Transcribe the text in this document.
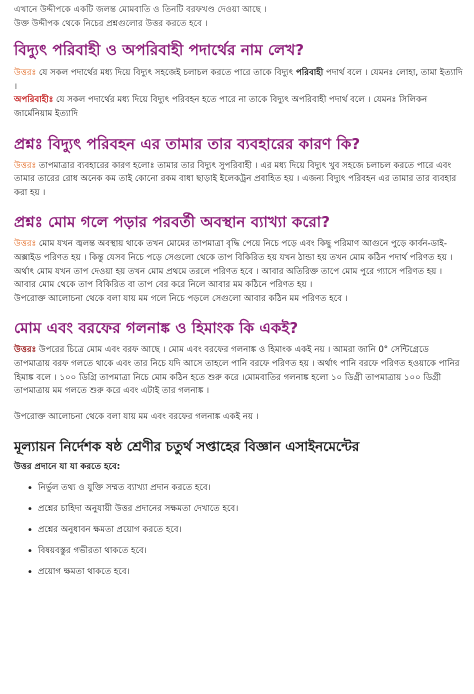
এখানে উদ্দীপকে একটি জলন্ত মোমবাতি ও তিনটি বরফখণ্ড দেওয়া আছে ।

উক্ত উদ্দীপক থেকে নিচের প্রশ্নগুলোর উত্তর করতে হবে ।

বিদ্যুৎ পরিবাহী ও অপরিবাহী পদার্থের নাম লেখ?

উত্তরঃ যে সকল পদার্থের মধ্য দিয়ে বিদ্যুৎ সহজেই চলাচল করতে পারে তাকে বিদ্যুৎ পরিবাহী পদার্থ বলে । যেমনঃ লোহা, তামা ইত্যাদি ।

অপরিবাহীঃ যে সকল পদার্থের মধ্য দিয়ে বিদ্যুৎ পরিবহন হতে পারে না তাকে বিদ্যুৎ অপরিবাহী পদার্থ বলে । যেমনঃ সিলিকন জার্মেনিয়াম ইত্যাদি

প্রশ্নঃ বিদ্যুৎ পরিবহন এর তামার তার ব্যবহারের কারণ কি?

উত্তরঃ তাপমাত্রার ব্যবহারের কারণ হলোঃ তামার তার বিদ্যুৎ সুপরিবাহী । এর মধ্য দিয়ে বিদ্যুৎ খুব সহজে চলাচল করতে পারে এবং তামার তারের রোধ অনেক কম তাই কোনো রকম বাধা ছাড়াই ইলেকট্রন প্রবাহিত হয় । এজন্য বিদ্যুৎ পরিবহন এর তামার তার ব্যবহার করা হয় ।

প্রশ্নঃ মোম গলে পড়ার পরবর্তী অবস্থান ব্যাখ্যা করো?

উত্তরঃ মোম যখন জ্বলন্ত অবস্থায় থাকে তখন মোমের তাপমাত্রা বৃদ্ধি পেয়ে নিচে পড়ে এবং কিছু পরিমাণ আগুনে পুড়ে কার্বন-ডাই-অক্সাইড পরিণত হয় । কিন্তু যেসব নিচে পড়ে সেগুলো থেকে তাপ বিকিরিত হয় যখন ঠান্ডা হয় তখন মোম কঠিন পদার্থ পরিণত হয় ।

অর্থাৎ মোম যখন তাপ দেওয়া হয় তখন মোম প্রথমে তরলে পরিণত হবে । আবার অতিরিক্ত তাপে মোম পুরে গ্যাসে পরিণত হয় । আবার মোম থেকে তাপ বিকিরিত বা তাপ বের করে নিলে আবার মম কঠিনে পরিণত হয় ।

উপরোক্ত আলোচনা থেকে বলা যায় মম গলে নিচে পড়লে সেগুলো আবার কঠিন মম পরিণত হবে ।

মোম এবং বরফের গলনাঙ্ক ও হিমাংক কি একই?

উত্তরঃ উপরের চিত্রে মোম এবং বরফ আছে । মোম এবং বরফের গলনাঙ্ক ও হিমাংক একই নয় । আমরা জানি 0° সেন্টিগ্রেডে তাপমাত্রায় বরফ গলতে থাকে এবং তার নিচে যদি আসে তাহলে পানি বরফে পরিণত হয় । অর্থাৎ পানি বরফে পরিণত হওয়াকে পানির হিমাঙ্ক বলে । ১০০ ডিগ্রি তাপমাত্রা নিচে মোম কঠিন হতে শুরু করে ।মোমবাতির গলনাঙ্ক হলো ১০ ডিগ্রী তাপমাত্রায় ১০০ ডিগ্রী তাপমাত্রায় মম গলতে শুরু করে এবং এটাই তার গলনাঙ্ক ।

উপরোক্ত আলোচনা থেকে বলা যায় মম এবং বরফের গলনাঙ্ক একই নয় ।

মূল্যায়ন নির্দেশক ষষ্ঠ শ্রেণীর চতুর্থ সপ্তাহের বিজ্ঞান এসাইনমেন্টের

উত্তর প্রদানে যা যা করতে হবে:

• নির্ভুল তথ্য ও যুক্তি সম্মত ব্যাখ্যা প্রদান করতে হবে।
• প্রশ্নের চাহিদা অনুযায়ী উত্তর প্রদানের সক্ষমতা দেখাতে হবে।
• প্রশ্নের অনুধাবন ক্ষমতা প্রয়োগ করতে হবে।
• বিষয়বস্তুর গভীরতা থাকতে হবে।
• প্রয়োগ ক্ষমতা থাকতে হবে।
